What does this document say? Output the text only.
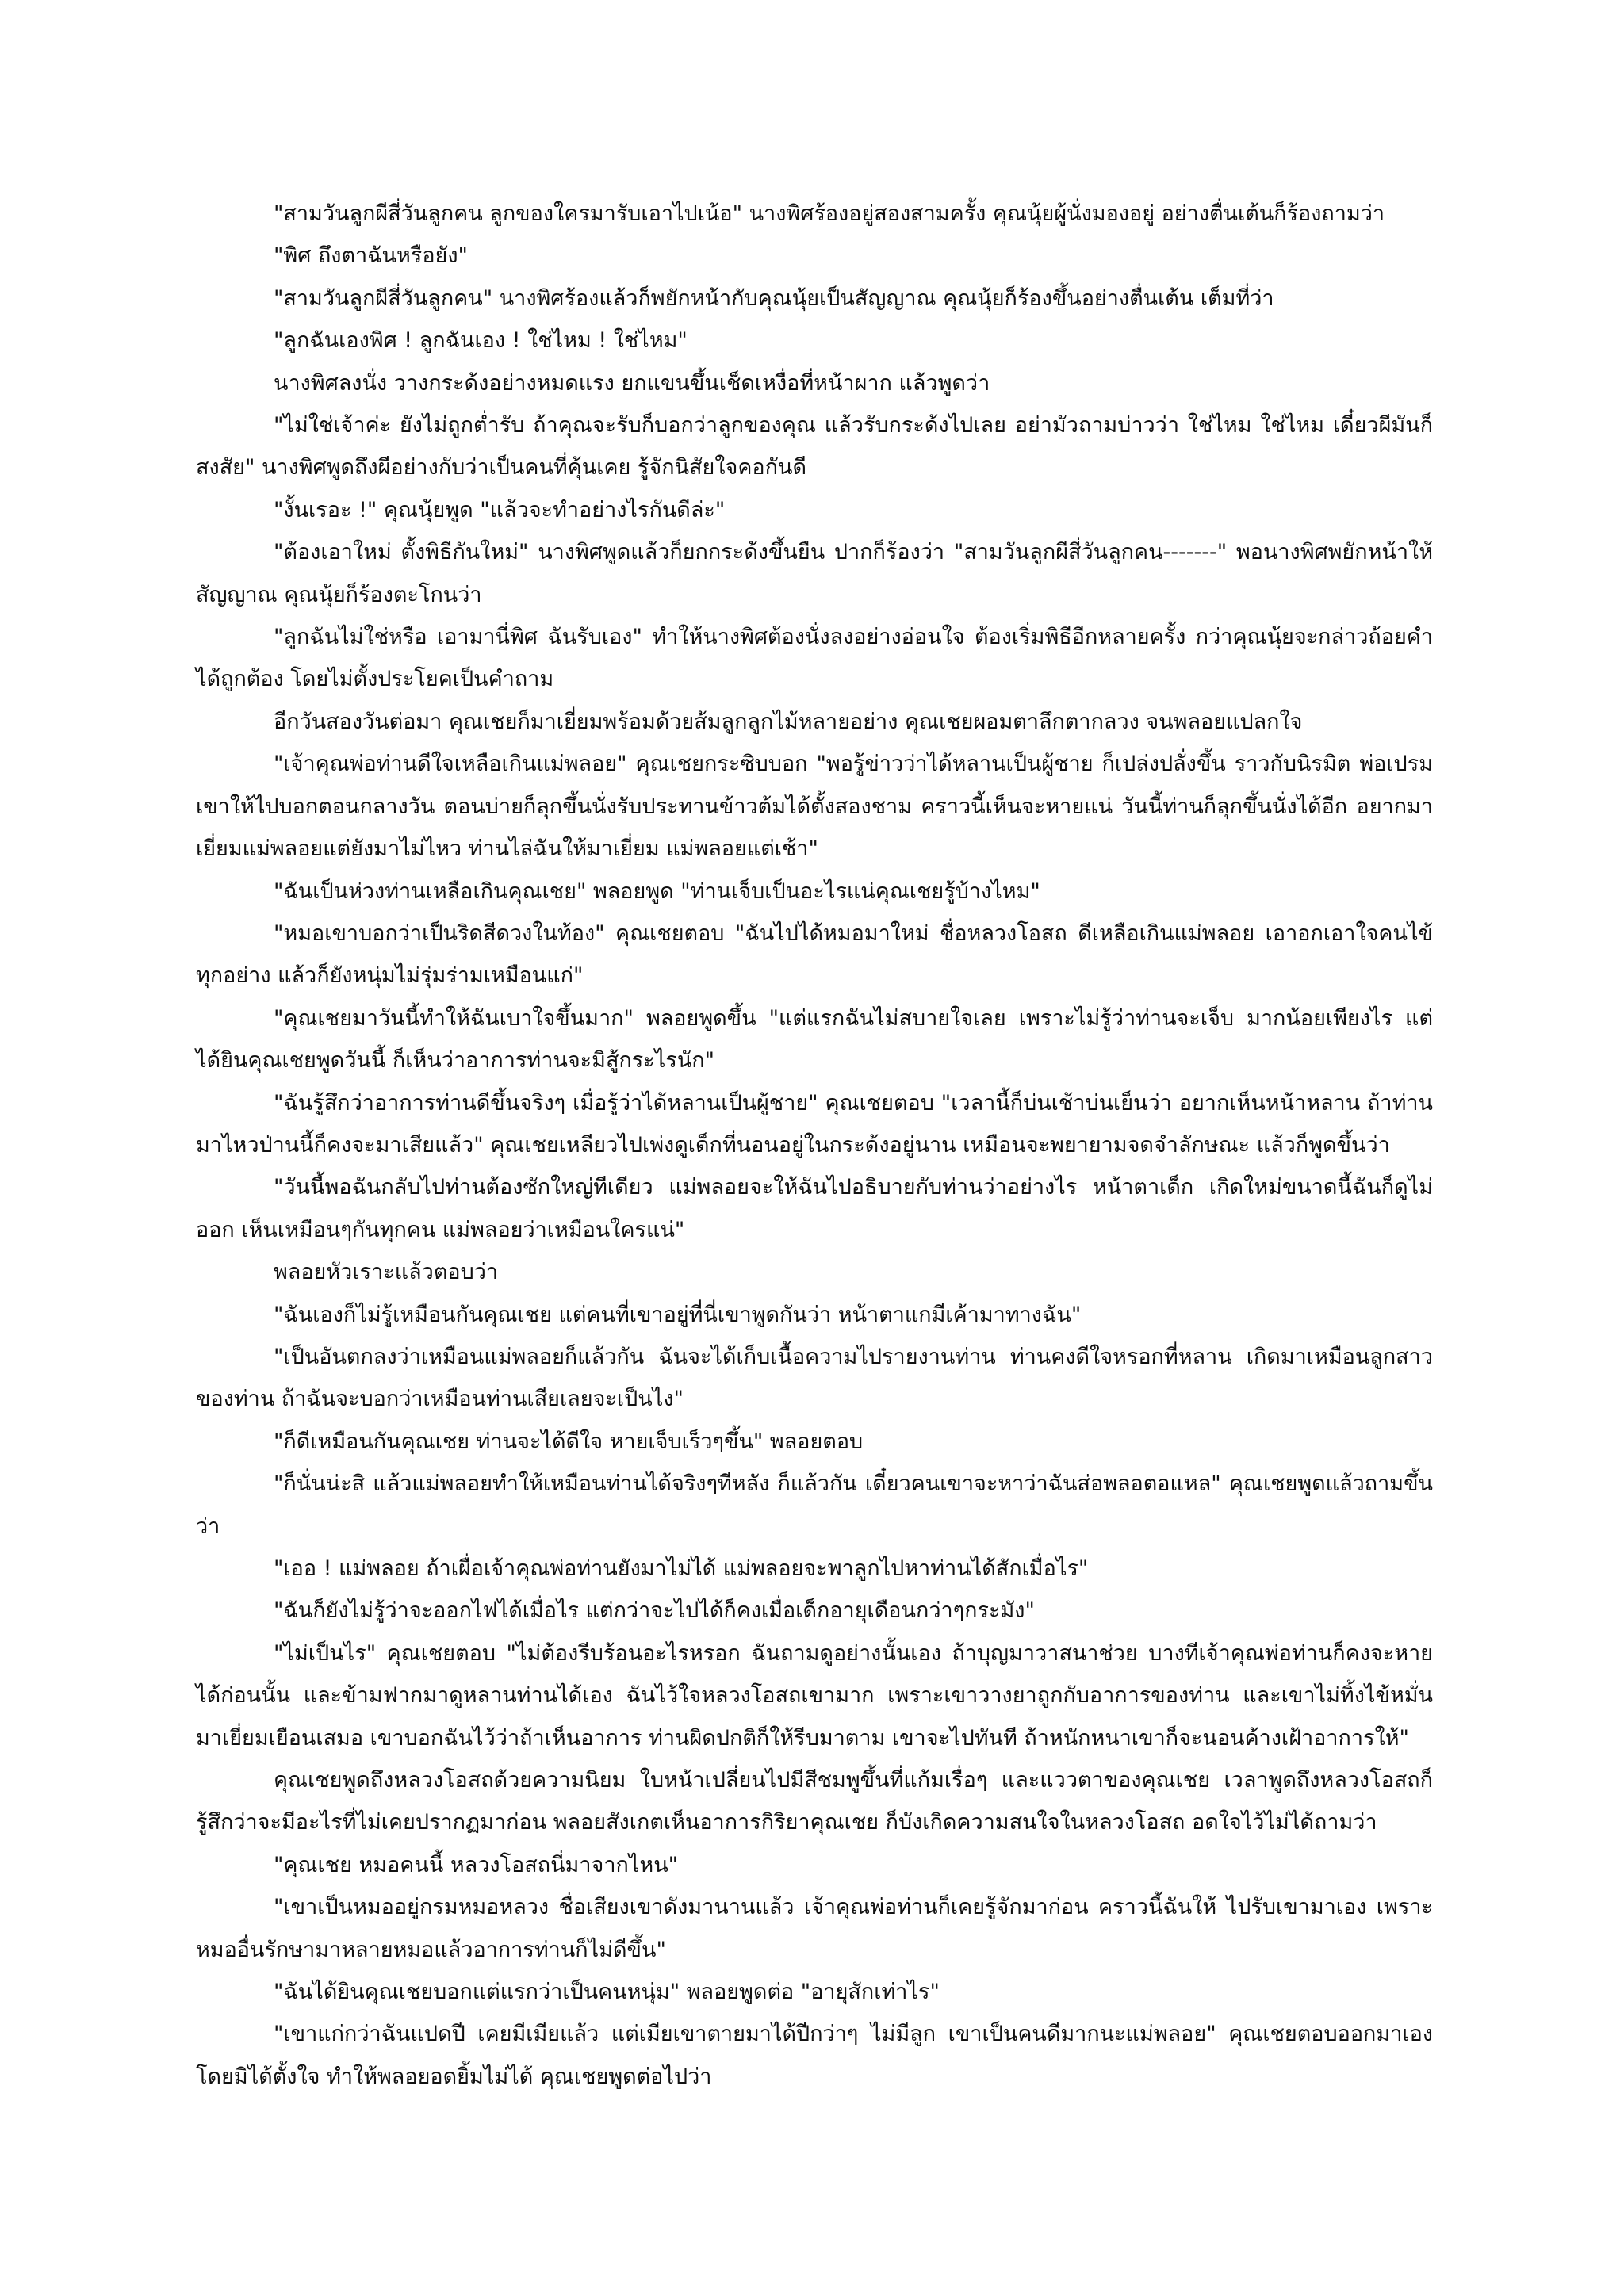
"สามวันลูกผีสี่วันลูกคน ลูกของใครมารับเอาไปเน้อ" นางพิศร้องอยู่สองสามครั้ง คุณนุ้ยผู้นั่งมองอยู่ อย่างตื่นเต้นก็ร้องถามว่า

"พิศ ถึงตาฉันหรือยัง"

"สามวันลูกผีสี่วันลูกคน" นางพิศร้องแล้วก็พยักหน้ากับคุณนุ้ยเป็นสัญญาณ คุณนุ้ยก็ร้องขึ้นอย่างตื่นเต้น เต็มที่ว่า

"ลูกฉันเองพิศ ! ลูกฉันเอง ! ใช่ไหม ! ใช่ไหม"

นางพิศลงนั่ง วางกระด้งอย่างหมดแรง ยกแขนขึ้นเช็ดเหงื่อที่หน้าผาก แล้วพูดว่า

"ไม่ใช่เจ้าค่ะ ยังไม่ถูกต่ำรับ ถ้าคุณจะรับก็บอกว่าลูกของคุณ แล้วรับกระด้งไปเลย อย่ามัวถามบ่าวว่า ใช่ไหม ใช่ไหม เดี๋ยวผีมันก็สงสัย" นางพิศพูดถึงผีอย่างกับว่าเป็นคนที่คุ้นเคย รู้จักนิสัยใจคอกันดี

"งั้นเรอะ !" คุณนุ้ยพูด "แล้วจะทำอย่างไรกันดีล่ะ"

"ต้องเอาใหม่ ตั้งพิธีกันใหม่" นางพิศพูดแล้วก็ยกกระด้งขึ้นยืน ปากก็ร้องว่า "สามวันลูกผีสี่วันลูกคน-------" พอนางพิศพยักหน้าให้สัญญาณ คุณนุ้ยก็ร้องตะโกนว่า

"ลูกฉันไม่ใช่หรือ เอามานี่พิศ ฉันรับเอง" ทำให้นางพิศต้องนั่งลงอย่างอ่อนใจ ต้องเริ่มพิธีอีกหลายครั้ง กว่าคุณนุ้ยจะกล่าวถ้อยคำได้ถูกต้อง โดยไม่ตั้งประโยคเป็นคำถาม

อีกวันสองวันต่อมา คุณเชยก็มาเยี่ยมพร้อมด้วยส้มลูกลูกไม้หลายอย่าง คุณเชยผอมตาลึกตากลวง จนพลอยแปลกใจ

"เจ้าคุณพ่อท่านดีใจเหลือเกินแม่พลอย" คุณเชยกระซิบบอก "พอรู้ข่าวว่าได้หลานเป็นผู้ชาย ก็เปล่งปลั่งขึ้น ราวกับนิรมิต พ่อเปรมเขาให้ไปบอกตอนกลางวัน ตอนบ่ายก็ลุกขึ้นนั่งรับประทานข้าวต้มได้ตั้งสองชาม คราวนี้เห็นจะหายแน่ วันนี้ท่านก็ลุกขึ้นนั่งได้อีก อยากมาเยี่ยมแม่พลอยแต่ยังมาไม่ไหว ท่านไล่ฉันให้มาเยี่ยม แม่พลอยแต่เช้า"

"ฉันเป็นห่วงท่านเหลือเกินคุณเชย" พลอยพูด "ท่านเจ็บเป็นอะไรแน่คุณเชยรู้บ้างไหม"

"หมอเขาบอกว่าเป็นริดสีดวงในท้อง" คุณเชยตอบ "ฉันไปได้หมอมาใหม่ ชื่อหลวงโอสถ ดีเหลือเกินแม่พลอย เอาอกเอาใจคนไข้ทุกอย่าง แล้วก็ยังหนุ่มไม่รุ่มร่ามเหมือนแก่"

"คุณเชยมาวันนี้ทำให้ฉันเบาใจขึ้นมาก" พลอยพูดขึ้น "แต่แรกฉันไม่สบายใจเลย เพราะไม่รู้ว่าท่านจะเจ็บ มากน้อยเพียงไร แต่ได้ยินคุณเชยพูดวันนี้ ก็เห็นว่าอาการท่านจะมิสู้กระไรนัก"

"ฉันรู้สึกว่าอาการท่านดีขึ้นจริงๆ เมื่อรู้ว่าได้หลานเป็นผู้ชาย" คุณเชยตอบ "เวลานี้ก็บ่นเช้าบ่นเย็นว่า อยากเห็นหน้าหลาน ถ้าท่านมาไหวป่านนี้ก็คงจะมาเสียแล้ว" คุณเชยเหลียวไปเพ่งดูเด็กที่นอนอยู่ในกระด้งอยู่นาน เหมือนจะพยายามจดจำลักษณะ แล้วก็พูดขึ้นว่า

"วันนี้พอฉันกลับไปท่านต้องซักใหญ่ทีเดียว แม่พลอยจะให้ฉันไปอธิบายกับท่านว่าอย่างไร หน้าตาเด็ก เกิดใหม่ขนาดนี้ฉันก็ดูไม่ออก เห็นเหมือนๆกันทุกคน แม่พลอยว่าเหมือนใครแน่"

พลอยหัวเราะแล้วตอบว่า

"ฉันเองก็ไม่รู้เหมือนกันคุณเชย แต่คนที่เขาอยู่ที่นี่เขาพูดกันว่า หน้าตาแกมีเค้ามาทางฉัน"

"เป็นอันตกลงว่าเหมือนแม่พลอยก็แล้วกัน ฉันจะได้เก็บเนื้อความไปรายงานท่าน ท่านคงดีใจหรอกที่หลาน เกิดมาเหมือนลูกสาวของท่าน ถ้าฉันจะบอกว่าเหมือนท่านเสียเลยจะเป็นไง"

"ก็ดีเหมือนกันคุณเชย ท่านจะได้ดีใจ หายเจ็บเร็วๆขึ้น" พลอยตอบ

"ก็นั่นน่ะสิ แล้วแม่พลอยทำให้เหมือนท่านได้จริงๆทีหลัง ก็แล้วกัน เดี๋ยวคนเขาจะหาว่าฉันส่อพลอตอแหล" คุณเชยพูดแล้วถามขึ้นว่า

"เออ ! แม่พลอย ถ้าเผื่อเจ้าคุณพ่อท่านยังมาไม่ได้ แม่พลอยจะพาลูกไปหาท่านได้สักเมื่อไร"

"ฉันก็ยังไม่รู้ว่าจะออกไฟได้เมื่อไร แต่กว่าจะไปได้ก็คงเมื่อเด็กอายุเดือนกว่าๆกระมัง"

"ไม่เป็นไร" คุณเชยตอบ "ไม่ต้องรีบร้อนอะไรหรอก ฉันถามดูอย่างนั้นเอง ถ้าบุญมาวาสนาช่วย บางทีเจ้าคุณพ่อท่านก็คงจะหายได้ก่อนนั้น และข้ามฟากมาดูหลานท่านได้เอง ฉันไว้ใจหลวงโอสถเขามาก เพราะเขาวางยาถูกกับอาการของท่าน และเขาไม่ทิ้งไข้หมั่นมาเยี่ยมเยือนเสมอ เขาบอกฉันไว้ว่าถ้าเห็นอาการ ท่านผิดปกติก็ให้รีบมาตาม เขาจะไปทันที ถ้าหนักหนาเขาก็จะนอนค้างเฝ้าอาการให้"

คุณเชยพูดถึงหลวงโอสถด้วยความนิยม ใบหน้าเปลี่ยนไปมีสีชมพูขึ้นที่แก้มเรื่อๆ และแววตาของคุณเชย เวลาพูดถึงหลวงโอสถก็รู้สึกว่าจะมีอะไรที่ไม่เคยปรากฏมาก่อน พลอยสังเกตเห็นอาการกิริยาคุณเชย ก็บังเกิดความสนใจในหลวงโอสถ อดใจไว้ไม่ได้ถามว่า

"คุณเชย หมอคนนี้ หลวงโอสถนี่มาจากไหน"

"เขาเป็นหมออยู่กรมหมอหลวง ชื่อเสียงเขาดังมานานแล้ว เจ้าคุณพ่อท่านก็เคยรู้จักมาก่อน คราวนี้ฉันให้ ไปรับเขามาเอง เพราะหมออื่นรักษามาหลายหมอแล้วอาการท่านก็ไม่ดีขึ้น"

"ฉันได้ยินคุณเชยบอกแต่แรกว่าเป็นคนหนุ่ม" พลอยพูดต่อ "อายุสักเท่าไร"

"เขาแก่กว่าฉันแปดปี เคยมีเมียแล้ว แต่เมียเขาตายมาได้ปีกว่าๆ ไม่มีลูก เขาเป็นคนดีมากนะแม่พลอย" คุณเชยตอบออกมาเองโดยมิได้ตั้งใจ ทำให้พลอยอดยิ้มไม่ได้ คุณเชยพูดต่อไปว่า
